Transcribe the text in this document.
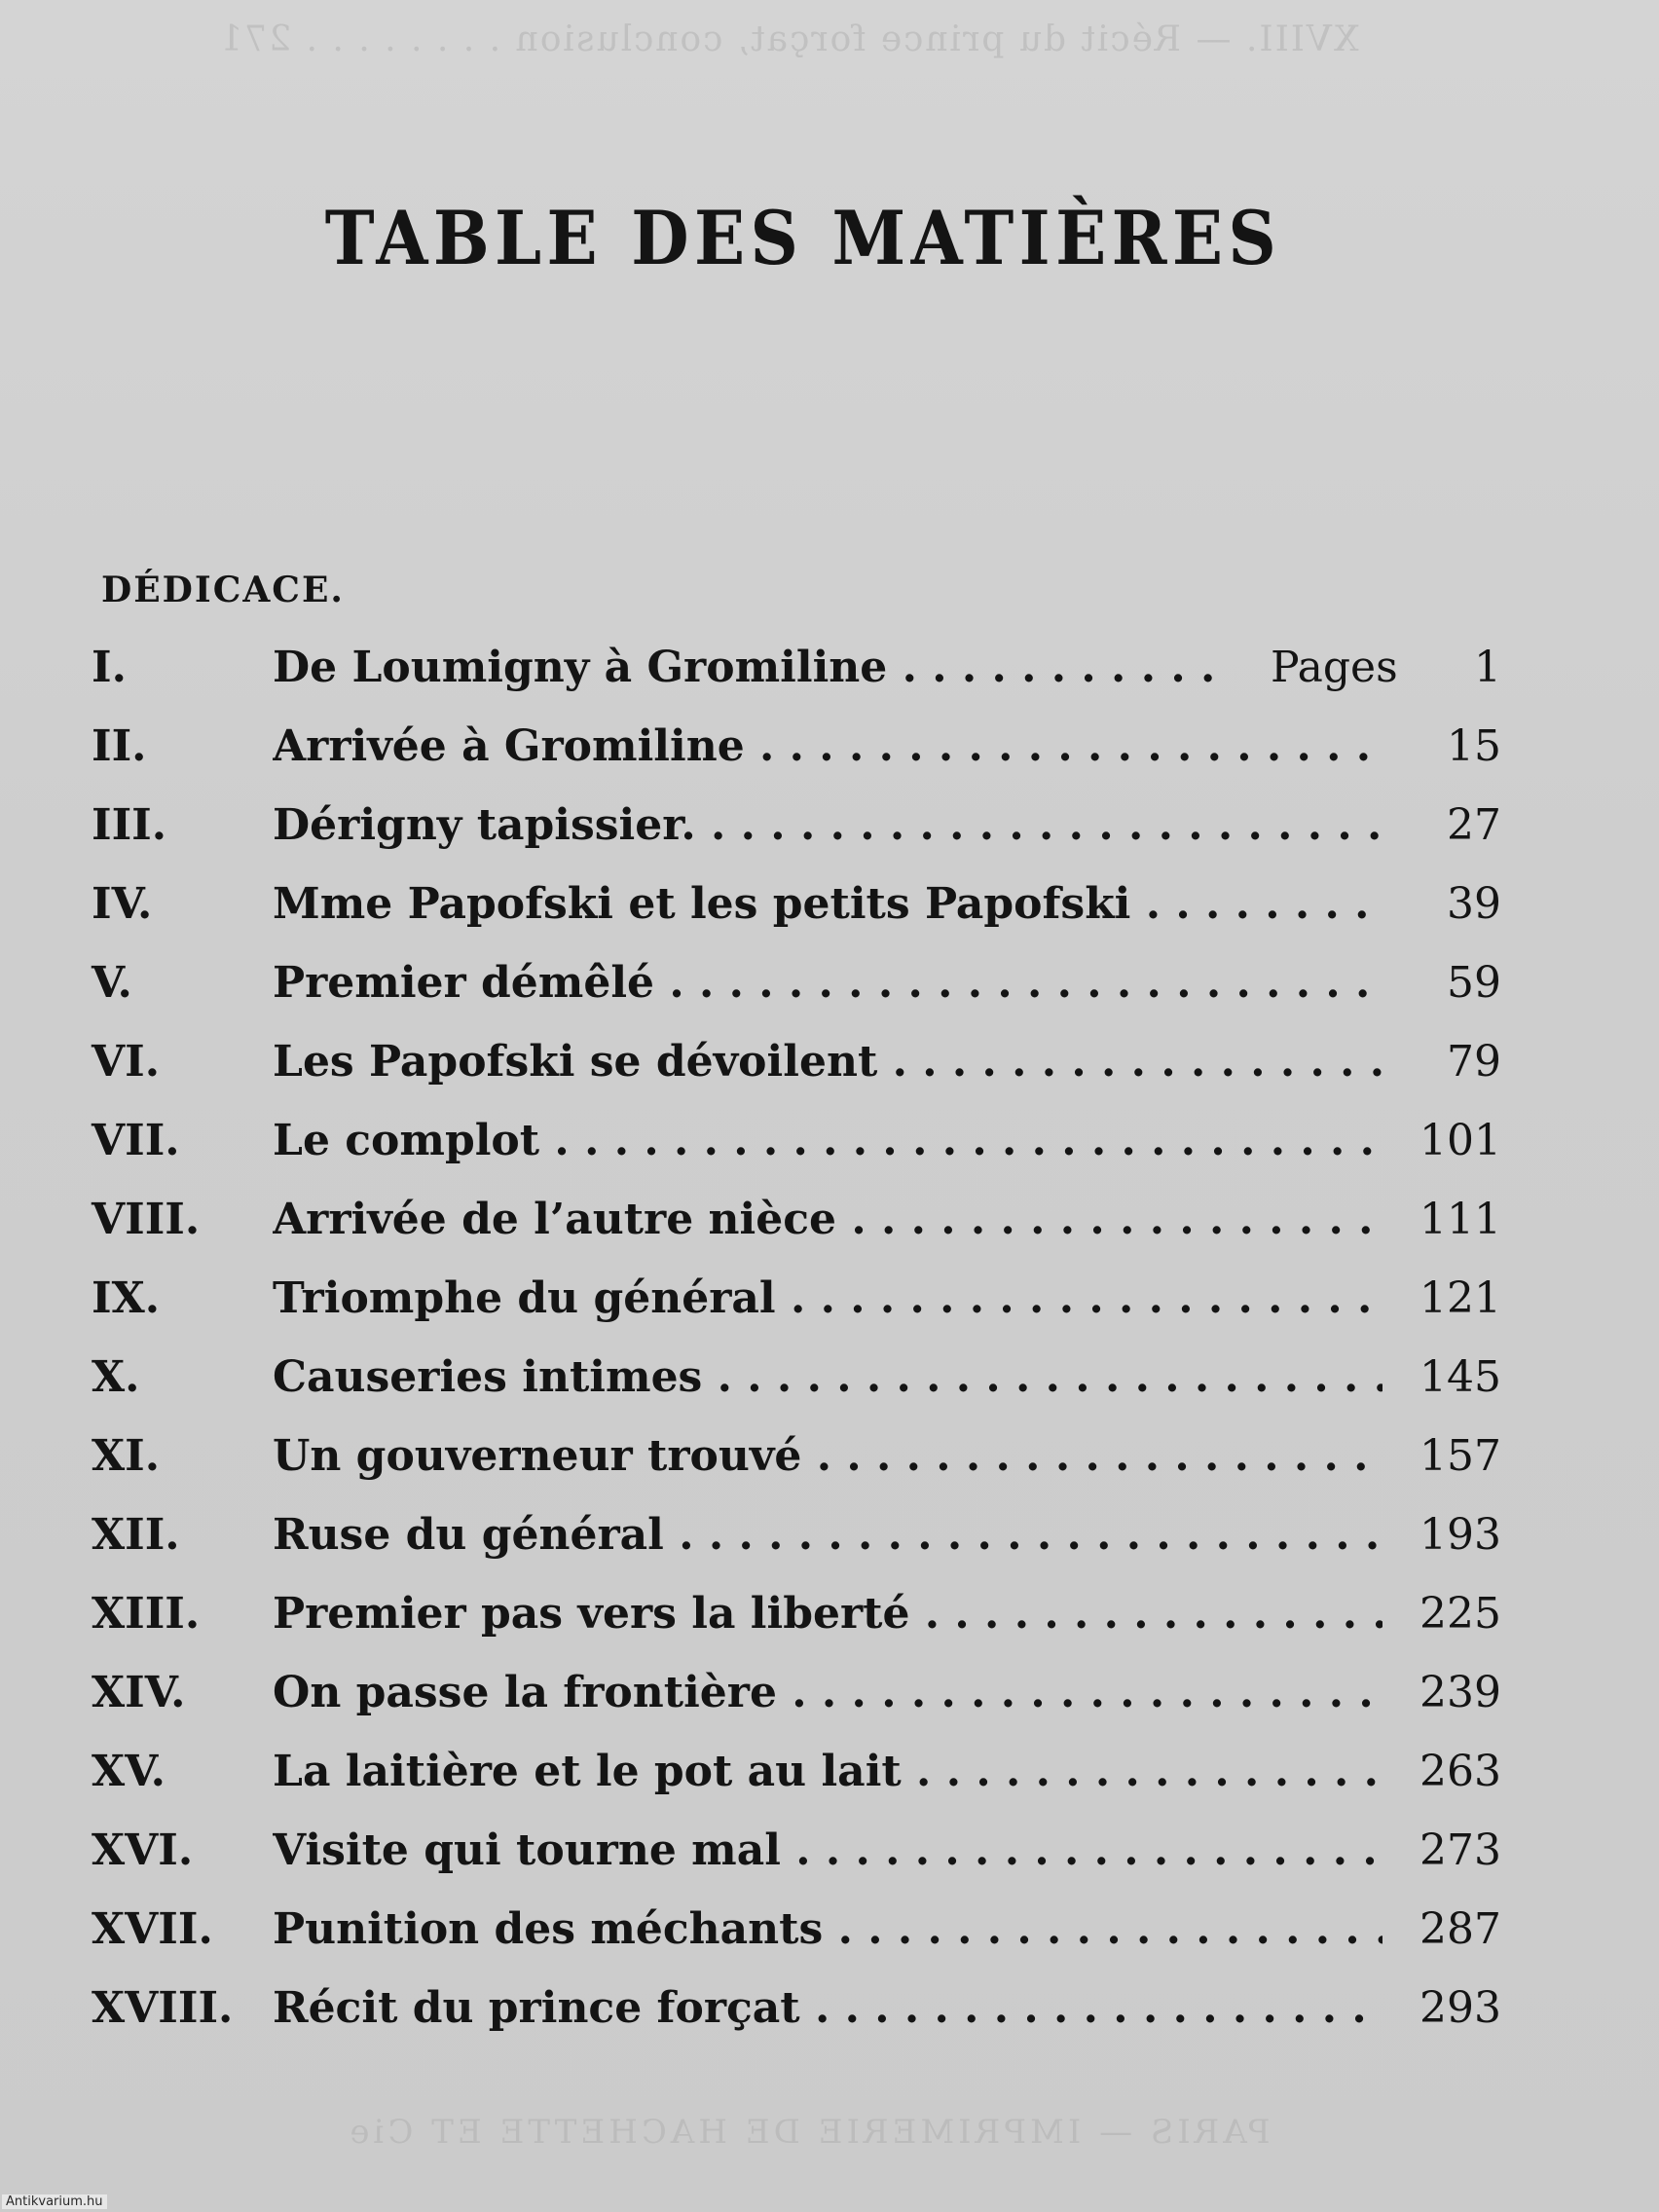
XVIII. — Récit du prince forçat, conclusion . . . . . . . . 271
PARIS — IMPRIMERIE DE HACHETTE ET Cie
TABLE DES MATIÈRES
DÉDICACE.
I.	De Loumigny à Gromiline . . .	Pages 1
II.	Arrivée à Gromiline . . .	15
III. Dérigny tapissier. . . .	27
IV.	Mme Papofski et les petits Papofski . . .	39
V.	Premier démêlé . . .	59
VI.	Les Papofski se dévoilent . . .	79
VII. Le complot . . .	101
VIII. Arrivée de l’autre nièce . . .	111
IX.	Triomphe du général . . .	121
X.	Causeries intimes . . .	145
XI.	Un gouverneur trouvé . . .	157
XII. Ruse du général . . .	193
XIII. Premier pas vers la liberté . . .	225
XIV. On passe la frontière . . .	239
XV.	La laitière et le pot au lait . . .	263
XVI. Visite qui tourne mal . . .	273
XVII. Punition des méchants . . .	287
XVIII. Récit du prince forçat . . .	293
Antikvarium.hu
